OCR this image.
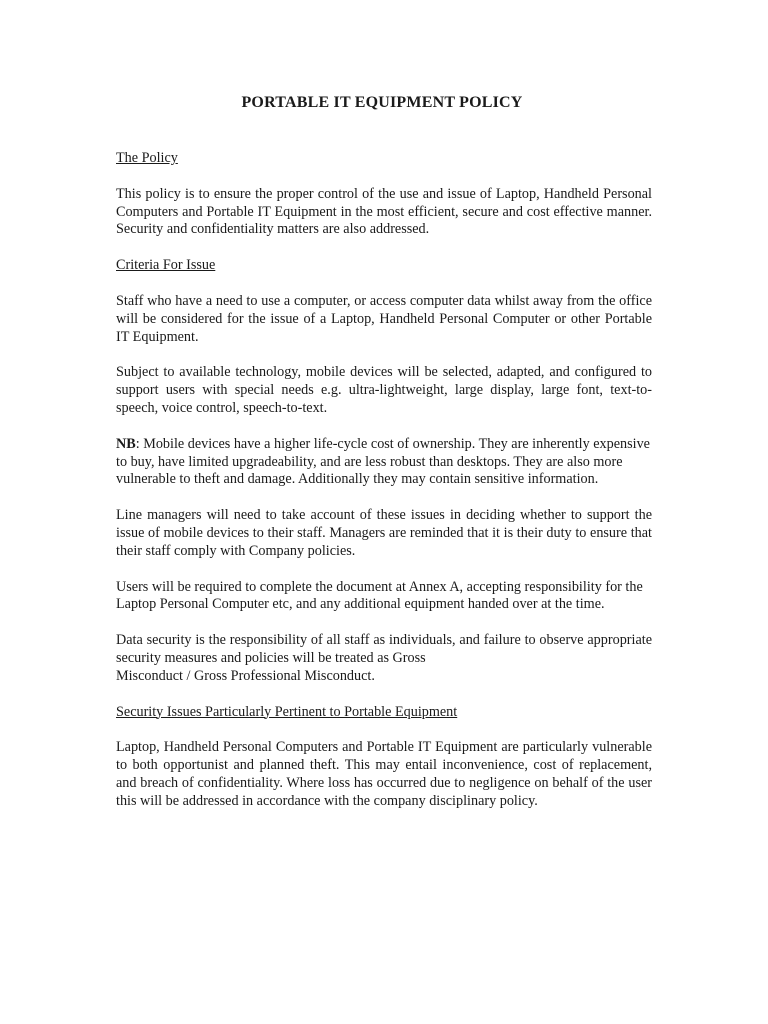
PORTABLE IT EQUIPMENT POLICY
The Policy

This policy is to ensure the proper control of the use and issue of Laptop, Handheld Personal Computers and Portable IT Equipment in the most efficient, secure and cost effective manner. Security and confidentiality matters are also addressed.

Criteria For Issue

Staff who have a need to use a computer, or access computer data whilst away from the office will be considered for the issue of a Laptop, Handheld Personal Computer or other Portable IT Equipment.

Subject to available technology, mobile devices will be selected, adapted, and configured to support users with special needs e.g. ultra-lightweight, large display, large font, text-to-speech, voice control, speech-to-text.

NB: Mobile devices have a higher life-cycle cost of ownership. They are inherently expensive to buy, have limited upgradeability, and are less robust than desktops. They are also more vulnerable to theft and damage. Additionally they may contain sensitive information.

Line managers will need to take account of these issues in deciding whether to support the issue of mobile devices to their staff. Managers are reminded that it is their duty to ensure that their staff comply with Company policies.

Users will be required to complete the document at Annex A, accepting responsibility for the Laptop Personal Computer etc, and any additional equipment handed over at the time.

Data security is the responsibility of all staff as individuals, and failure to observe appropriate security measures and policies will be treated as Gross
Misconduct / Gross Professional Misconduct.

Security Issues Particularly Pertinent to Portable Equipment

Laptop, Handheld Personal Computers and Portable IT Equipment are particularly vulnerable to both opportunist and planned theft. This may entail inconvenience, cost of replacement, and breach of confidentiality. Where loss has occurred due to negligence on behalf of the user this will be addressed in accordance with the company disciplinary policy.
